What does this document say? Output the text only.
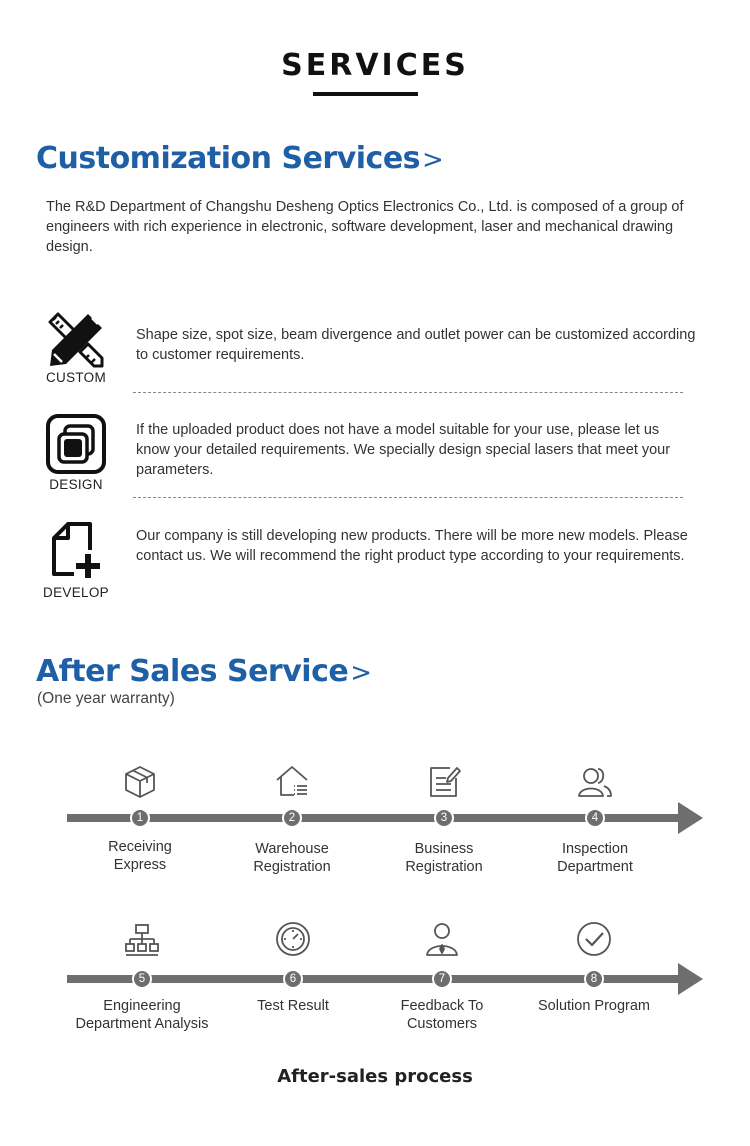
SERVICES
Customization Services>
The R&D Department of Changshu Desheng Optics Electronics Co., Ltd. is composed of a group of engineers with rich experience in electronic, software development, laser and mechanical drawing design.
CUSTOM
Shape size, spot size, beam divergence and outlet power can be customized according to customer requirements.
DESIGN
If the uploaded product does not have a model suitable for your use, please let us know your detailed requirements. We specially design special lasers that meet your parameters.
DEVELOP
Our company is still developing new products. There will be more new models. Please contact us. We will recommend the right product type according to your requirements.
After Sales Service>
(One year warranty)
1
Receiving
Express
2
Warehouse
Registration
3
Business
Registration
4
Inspection
Department
5
Engineering
Department Analysis
6
Test Result
7
Feedback To
Customers
8
Solution Program
After-sales process
